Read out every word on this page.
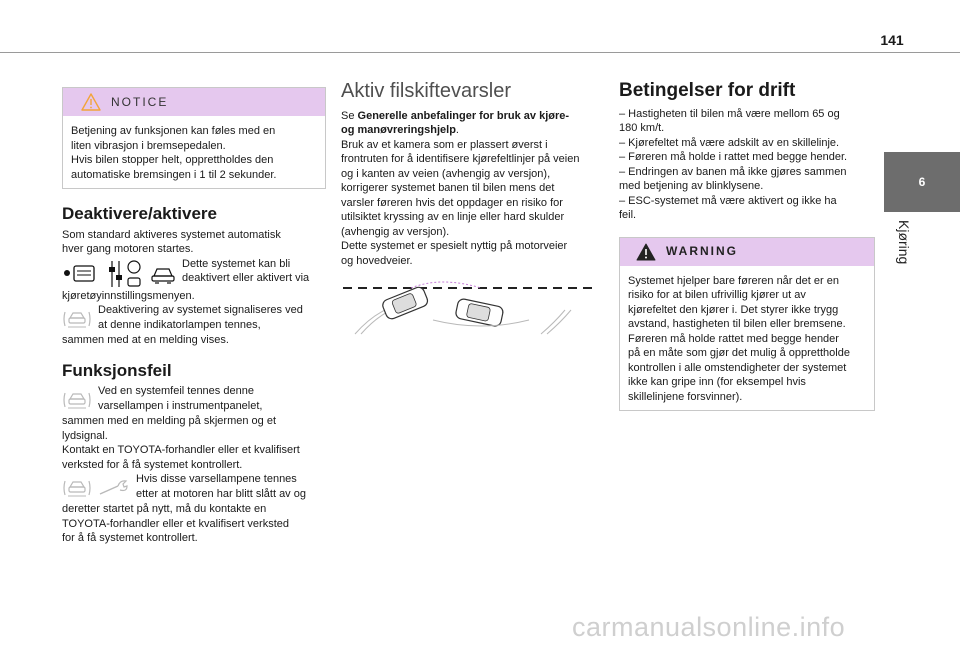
141
6
Kjøring
NOTICE

Betjening av funksjonen kan føles med en

liten vibrasjon i bremsepedalen.

Hvis bilen stopper helt, opprettholdes den

automatiske bremsingen i 1 til 2 sekunder.

Deaktivere/aktivere

Som standard aktiveres systemet automatisk

hver gang motoren startes.

Dette systemet kan bli

deaktivert eller aktivert via

kjøretøyinnstillingsmenyen.

Deaktivering av systemet signaliseres ved

at denne indikatorlampen tennes,

sammen med at en melding vises.

Funksjonsfeil

Ved en systemfeil tennes denne

varsellampen i instrumentpanelet,

sammen med en melding på skjermen og et

lydsignal.

Kontakt en TOYOTA-forhandler eller et kvalifisert

verksted for å få systemet kontrollert.

Hvis disse varsellampene tennes

etter at motoren har blitt slått av og

deretter startet på nytt, må du kontakte en

TOYOTA-forhandler eller et kvalifisert verksted

for å få systemet kontrollert.

Aktiv filskiftevarsler

Se Generelle anbefalinger for bruk av kjøre-

og manøvreringshjelp.

Bruk av et kamera som er plassert øverst i

frontruten for å identifisere kjørefeltlinjer på veien

og i kanten av veien (avhengig av versjon),

korrigerer systemet banen til bilen mens det

varsler føreren hvis det oppdager en risiko for

utilsiktet kryssing av en linje eller hard skulder

(avhengig av versjon).

Dette systemet er spesielt nyttig på motorveier

og hovedveier.

Betingelser for drift

– Hastigheten til bilen må være mellom 65 og

180 km/t.

– Kjørefeltet må være adskilt av en skillelinje.

– Føreren må holde i rattet med begge hender.

– Endringen av banen må ikke gjøres sammen

med betjening av blinklysene.

– ESC-systemet må være aktivert og ikke ha

feil.

WARNING

Systemet hjelper bare føreren når det er en

risiko for at bilen ufrivillig kjører ut av

kjørefeltet den kjører i. Det styrer ikke trygg

avstand, hastigheten til bilen eller bremsene.

Føreren må holde rattet med begge hender

på en måte som gjør det mulig å opprettholde

kontrollen i alle omstendigheter der systemet

ikke kan gripe inn (for eksempel hvis

skillelinjene forsvinner).

carmanualsonline.info
